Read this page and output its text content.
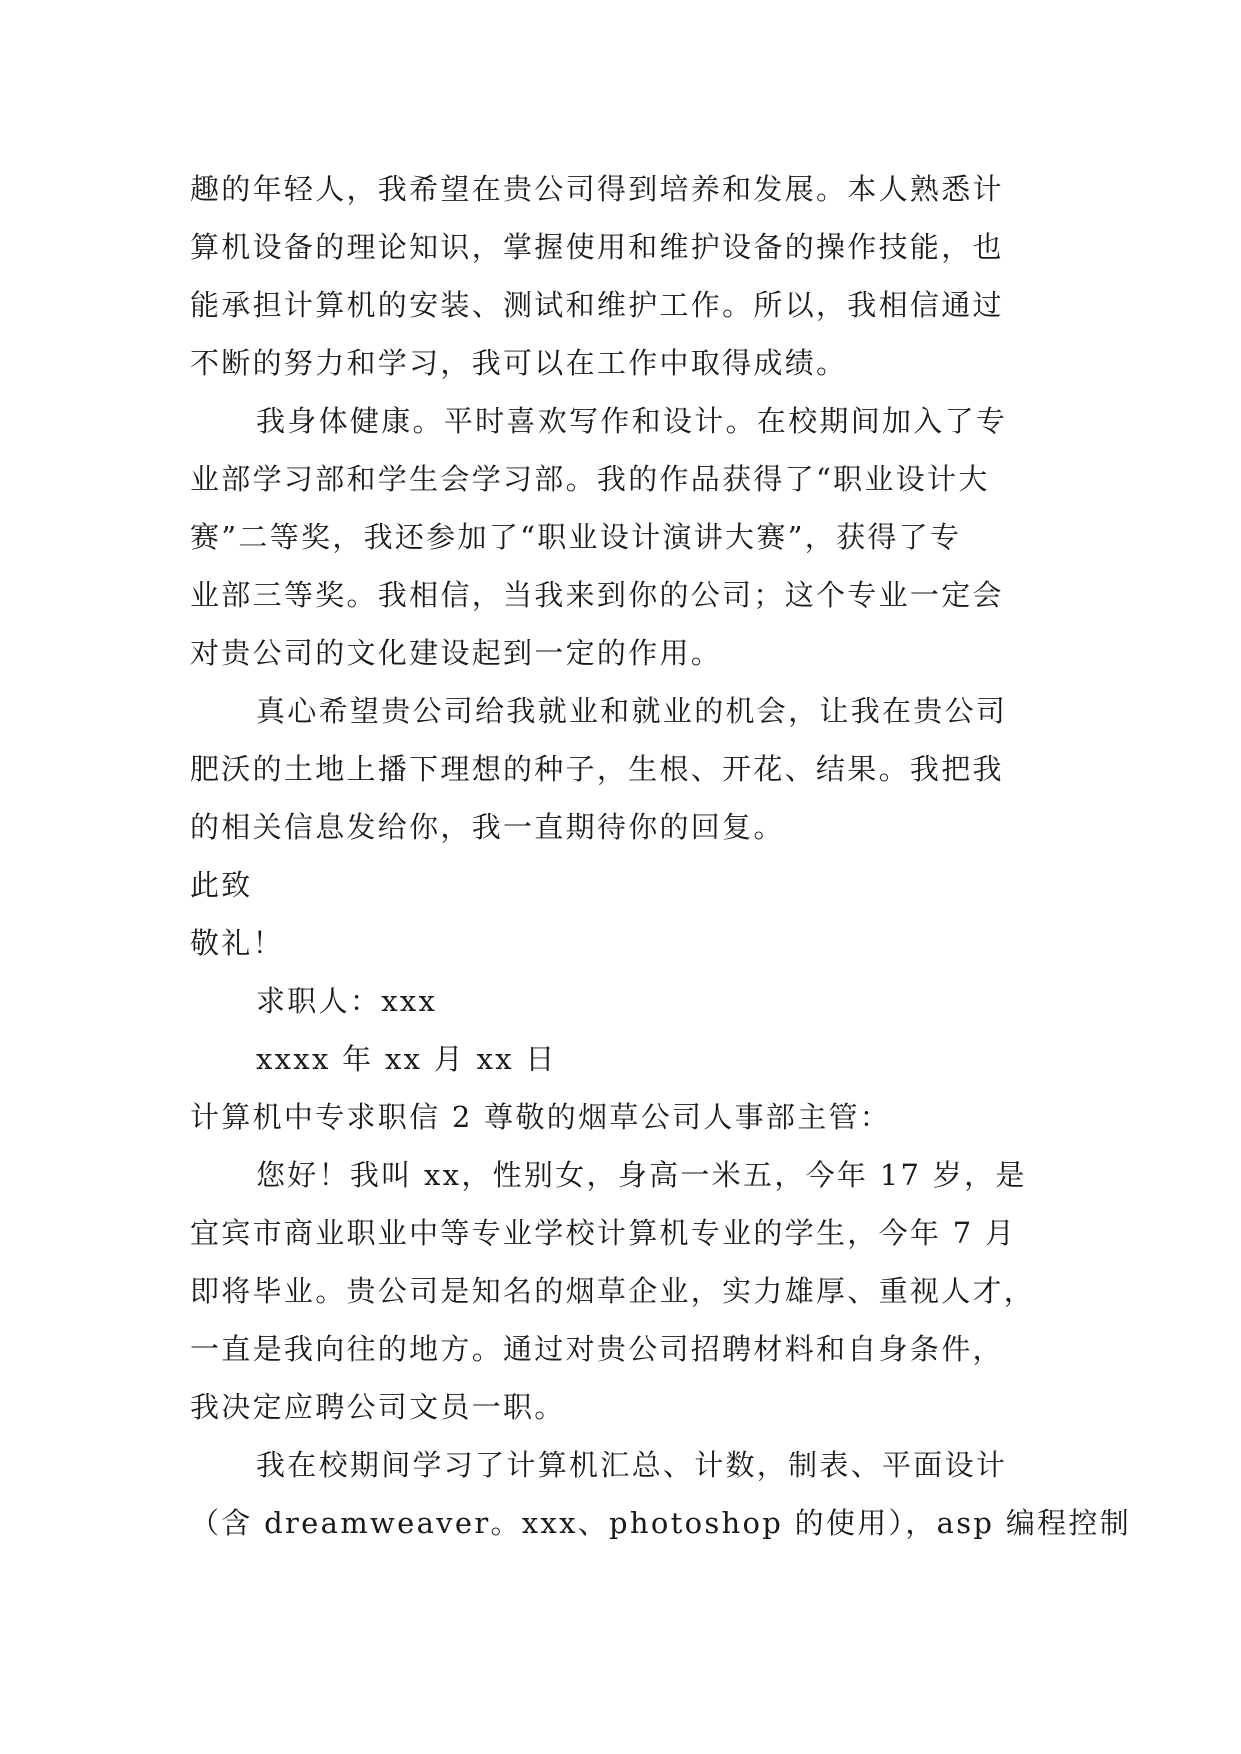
趣的年轻人，我希望在贵公司得到培养和发展。本人熟悉计
算机设备的理论知识，掌握使用和维护设备的操作技能，也
能承担计算机的安装、测试和维护工作。所以，我相信通过
不断的努力和学习，我可以在工作中取得成绩。
我身体健康。平时喜欢写作和设计。在校期间加入了专
业部学习部和学生会学习部。我的作品获得了“职业设计大
赛”二等奖，我还参加了“职业设计演讲大赛”，获得了专
业部三等奖。我相信，当我来到你的公司；这个专业一定会
对贵公司的文化建设起到一定的作用。
真心希望贵公司给我就业和就业的机会，让我在贵公司
肥沃的土地上播下理想的种子，生根、开花、结果。我把我
的相关信息发给你，我一直期待你的回复。
此致
敬礼！
求职人：xxx
xxxx 年 xx 月 xx 日
计算机中专求职信 2 尊敬的烟草公司人事部主管：
您好！我叫 xx，性别女，身高一米五，今年 17 岁，是
宜宾市商业职业中等专业学校计算机专业的学生，今年 7 月
即将毕业。贵公司是知名的烟草企业，实力雄厚、重视人才，
一直是我向往的地方。通过对贵公司招聘材料和自身条件，
我决定应聘公司文员一职。
我在校期间学习了计算机汇总、计数，制表、平面设计
（含 dreamweaver。xxx、photoshop 的使用），asp 编程控制
